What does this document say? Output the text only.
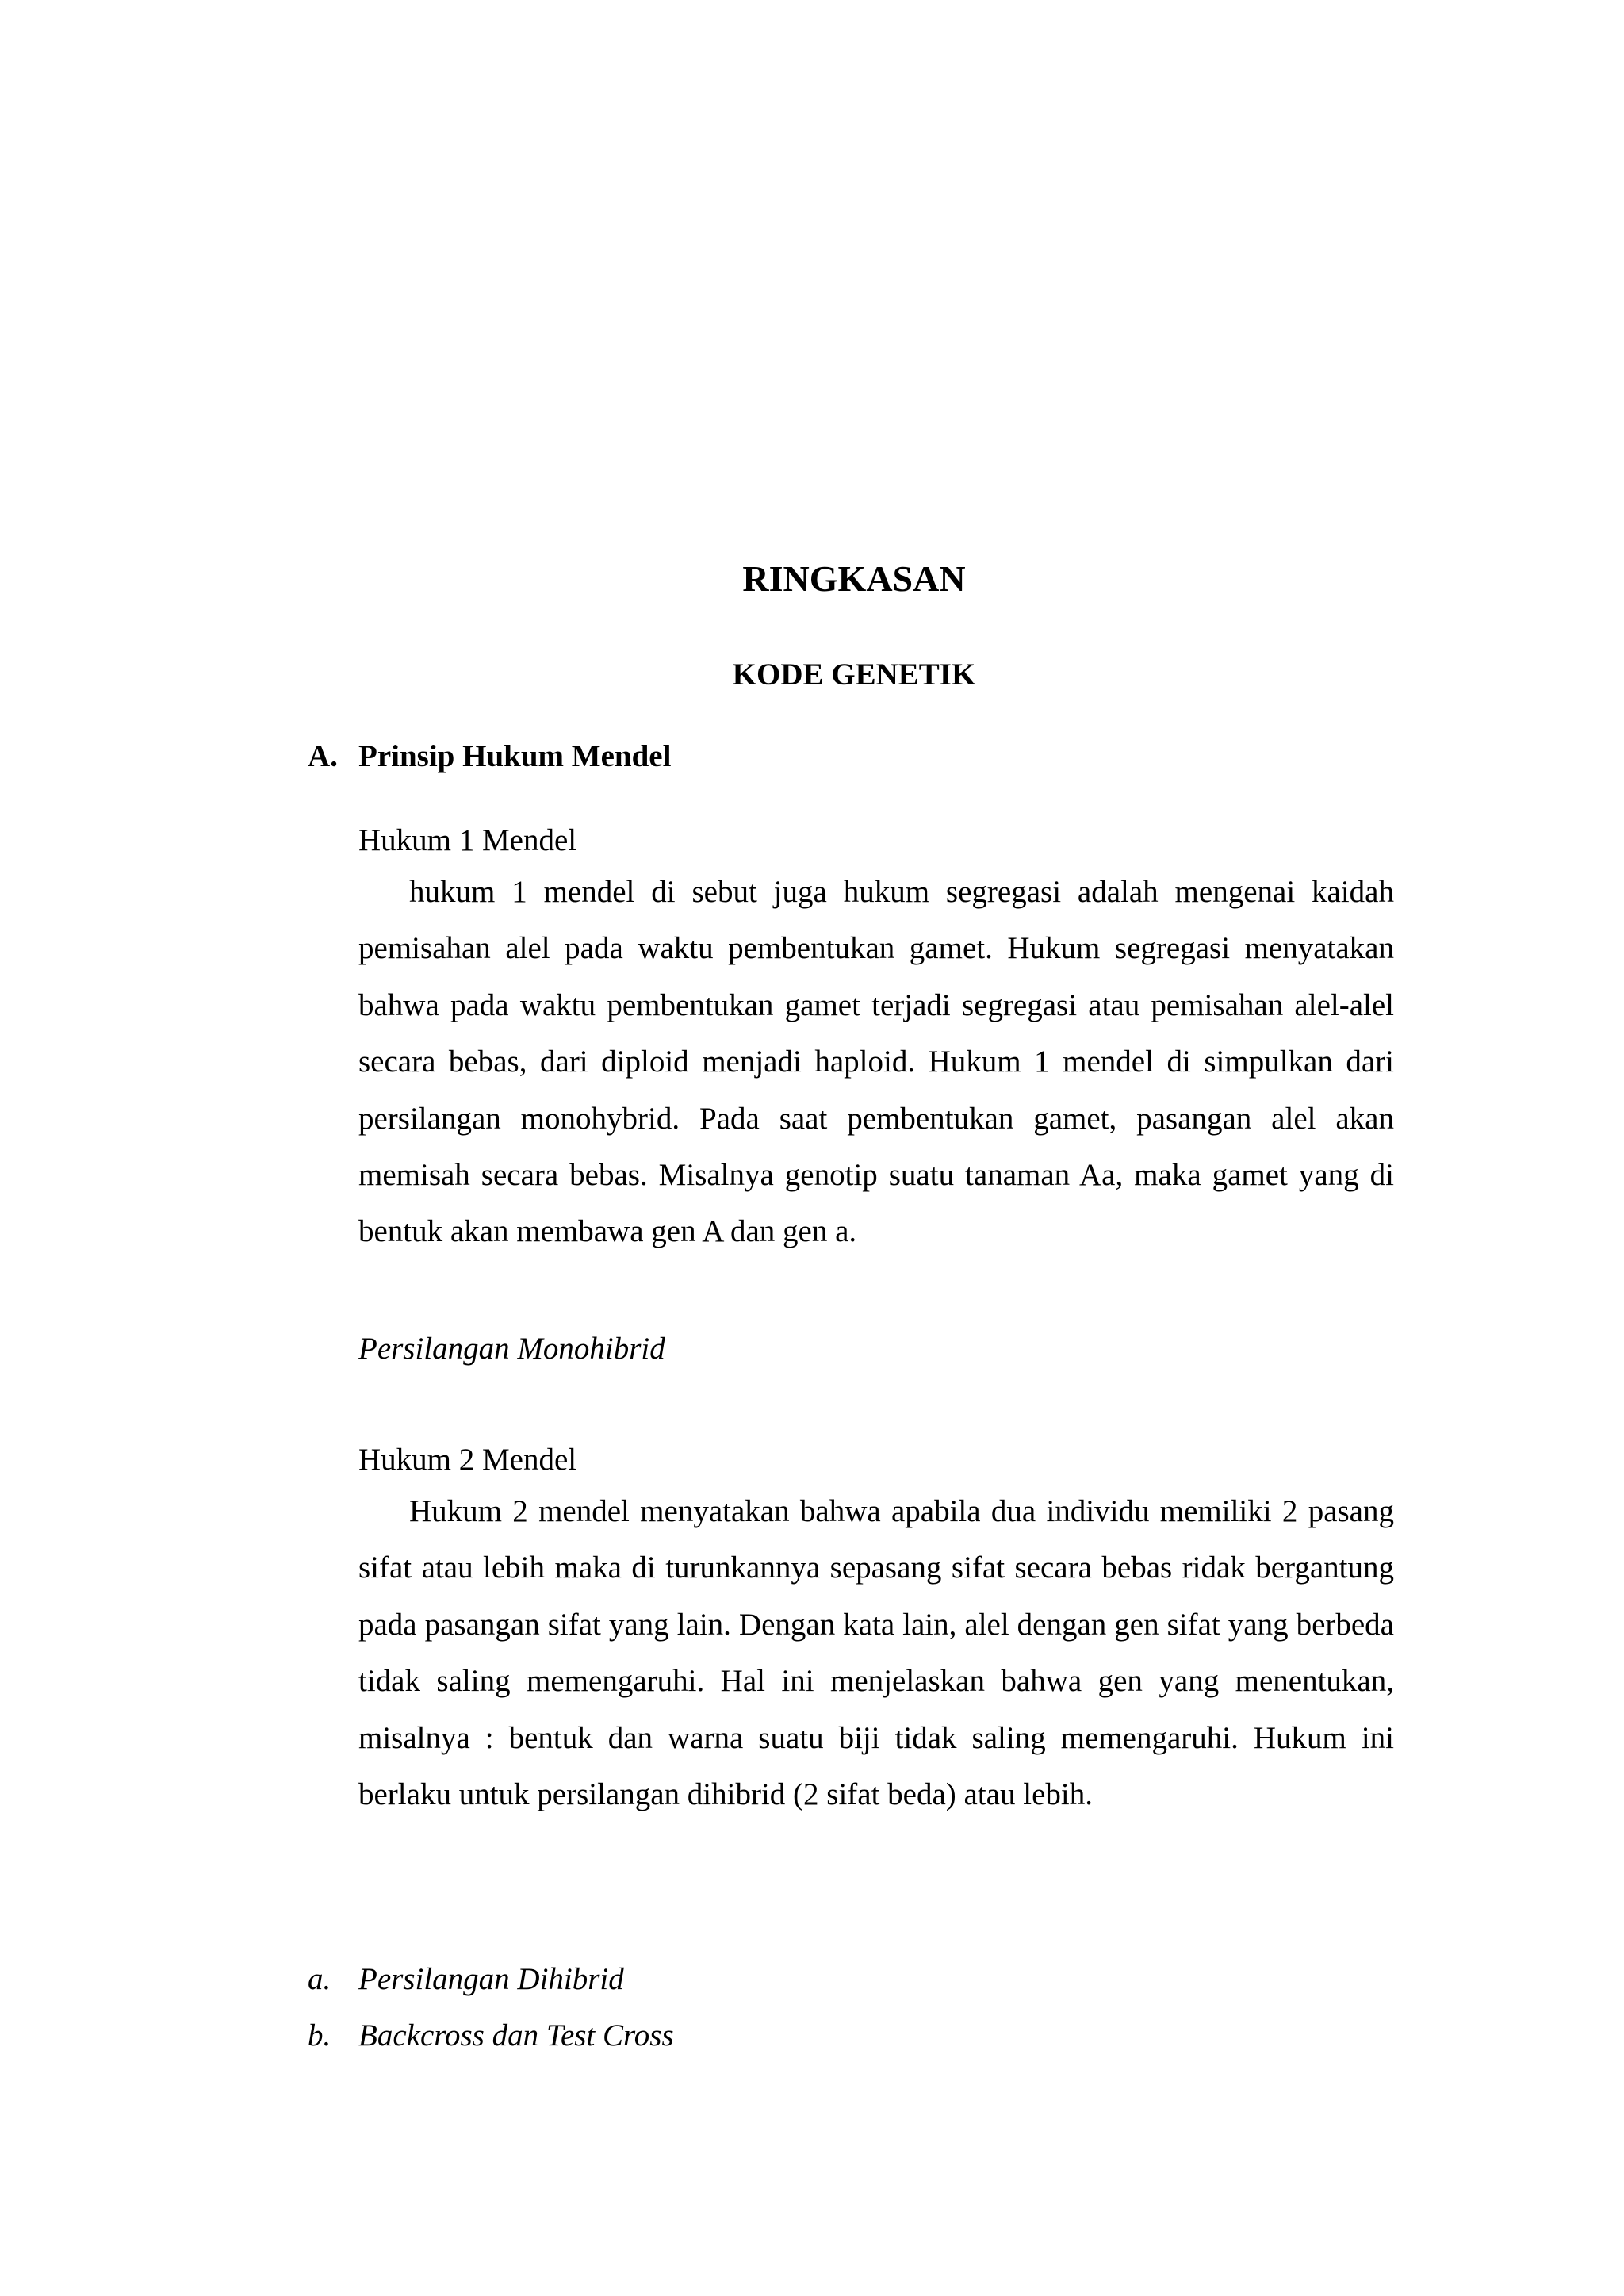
RINGKASAN
KODE GENETIK
A. Prinsip Hukum Mendel
Hukum 1 Mendel

hukum 1 mendel di sebut juga hukum segregasi adalah mengenai kaidah pemisahan alel pada waktu pembentukan gamet. Hukum segregasi menyatakan bahwa pada waktu pembentukan gamet terjadi segregasi atau pemisahan alel-alel secara bebas, dari diploid menjadi haploid. Hukum 1 mendel di simpulkan dari persilangan monohybrid. Pada saat pembentukan gamet, pasangan alel akan memisah secara bebas. Misalnya genotip suatu tanaman Aa, maka gamet yang di bentuk akan membawa gen A dan gen a.

Persilangan Monohibrid
Hukum 2 Mendel

Hukum 2 mendel menyatakan bahwa apabila dua individu memiliki 2 pasang sifat atau lebih maka di turunkannya sepasang sifat secara bebas ridak bergantung pada pasangan sifat yang lain. Dengan kata lain, alel dengan gen sifat yang berbeda tidak saling memengaruhi. Hal ini menjelaskan bahwa gen yang menentukan, misalnya : bentuk dan warna suatu biji tidak saling memengaruhi. Hukum ini berlaku untuk persilangan dihibrid (2 sifat beda) atau lebih.

a. Persilangan Dihibrid
b. Backcross dan Test Cross
